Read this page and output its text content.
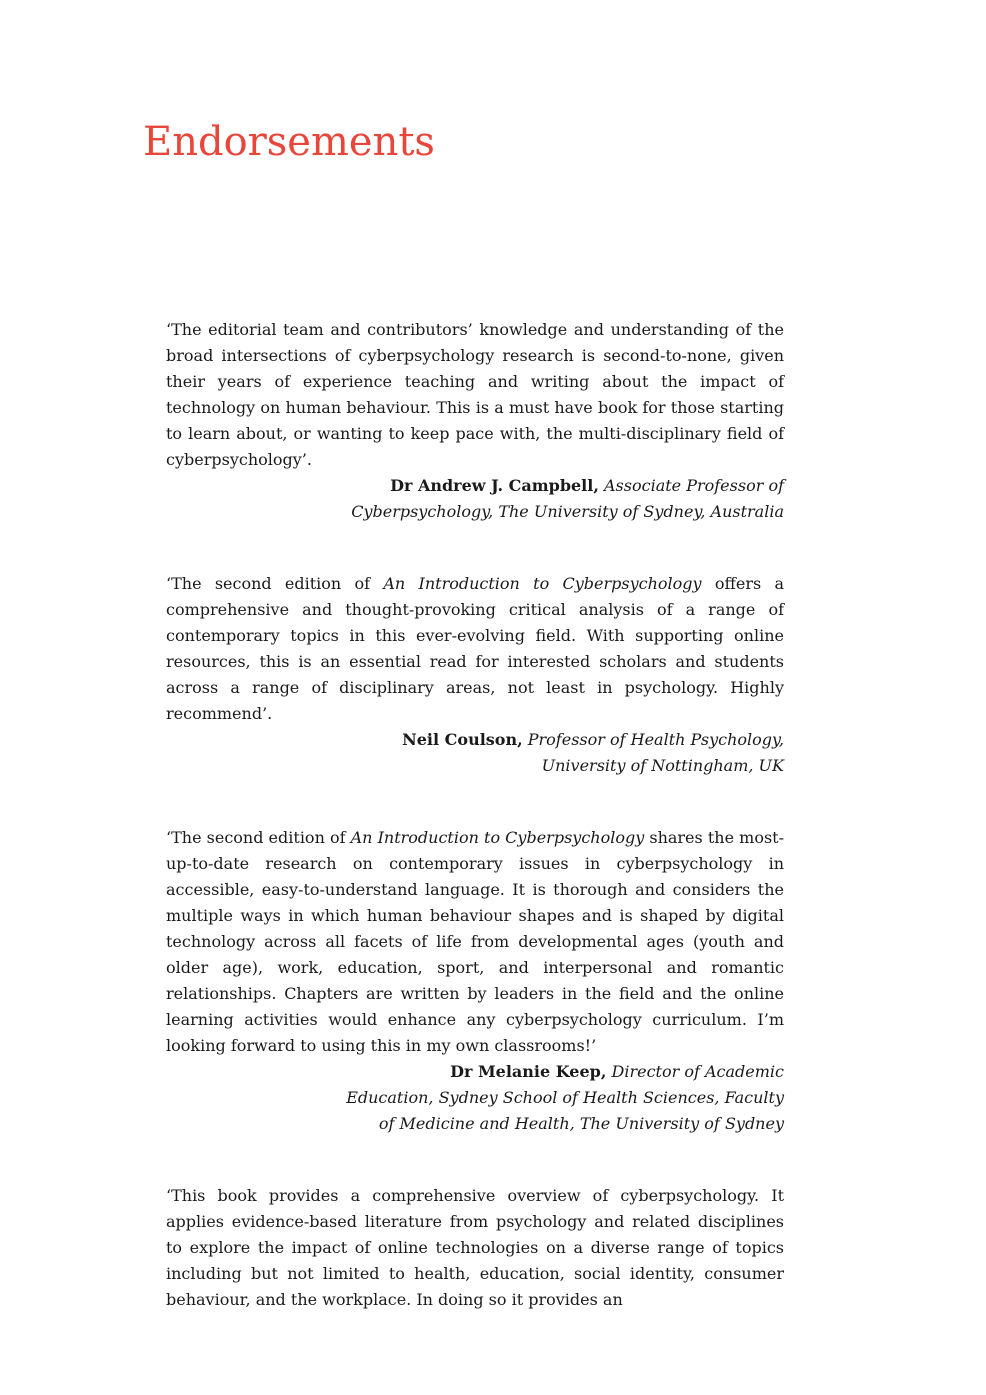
Endorsements

‘The editorial team and contributors’ knowledge and understanding of the broad intersections of cyberpsychology research is second-to-none, given their years of experience teaching and writing about the impact of technology on human behaviour. This is a must have book for those starting to learn about, or wanting to keep pace with, the multi-disciplinary field of cyberpsychology’.

Dr Andrew J. Campbell, Associate Professor of
Cyberpsychology, The University of Sydney, Australia

‘The second edition of An Introduction to Cyberpsychology offers a comprehensive and thought-provoking critical analysis of a range of contemporary topics in this ever-evolving field. With supporting online resources, this is an essential read for interested scholars and students across a range of disciplinary areas, not least in psychology. Highly recommend’.

Neil Coulson, Professor of Health Psychology,
University of Nottingham, UK

‘The second edition of An Introduction to Cyberpsychology shares the most-up-to-date research on contemporary issues in cyberpsychology in accessible, easy-to-understand language. It is thorough and considers the multiple ways in which human behaviour shapes and is shaped by digital technology across all facets of life from developmental ages (youth and older age), work, education, sport, and interpersonal and romantic relationships. Chapters are written by leaders in the field and the online learning activities would enhance any cyberpsychology curriculum. I’m looking forward to using this in my own classrooms!’

Dr Melanie Keep, Director of Academic
Education, Sydney School of Health Sciences, Faculty
of Medicine and Health, The University of Sydney

‘This book provides a comprehensive overview of cyberpsychology. It applies evidence-based literature from psychology and related disciplines to explore the impact of online technologies on a diverse range of topics including but not limited to health, education, social identity, consumer behaviour, and the workplace. In doing so it provides an
